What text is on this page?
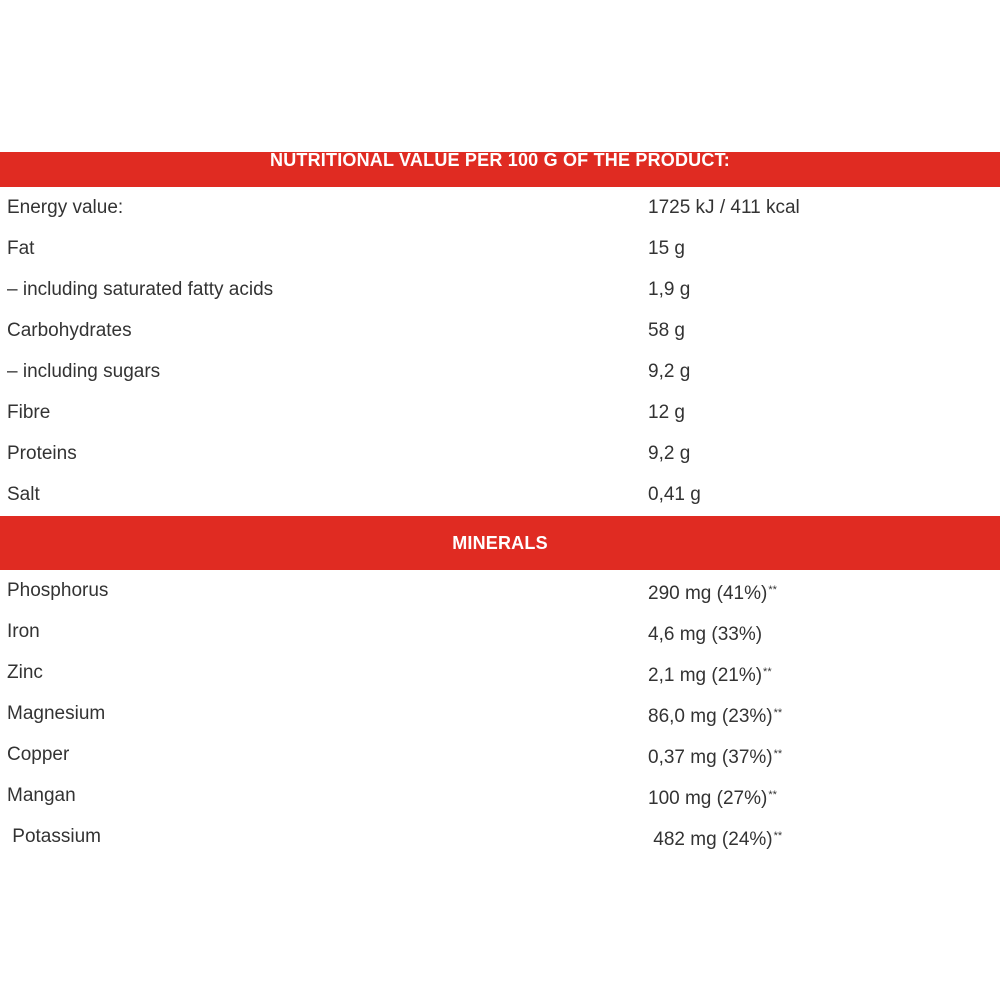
NUTRITIONAL VALUE PER 100 G OF THE PRODUCT:
Energy value:	1725 kJ / 411 kcal
Fat	15 g
– including saturated fatty acids	1,9 g
Carbohydrates	58 g
– including sugars	9,2 g
Fibre	12 g
Proteins	9,2 g
Salt	0,41 g
MINERALS
Phosphorus	290 mg (41%)**
Iron	4,6 mg (33%)
Zinc	2,1 mg (21%)**
Magnesium	86,0 mg (23%)**
Copper	0,37 mg (37%)**
Mangan	100 mg (27%)**
Potassium	482 mg (24%)**
